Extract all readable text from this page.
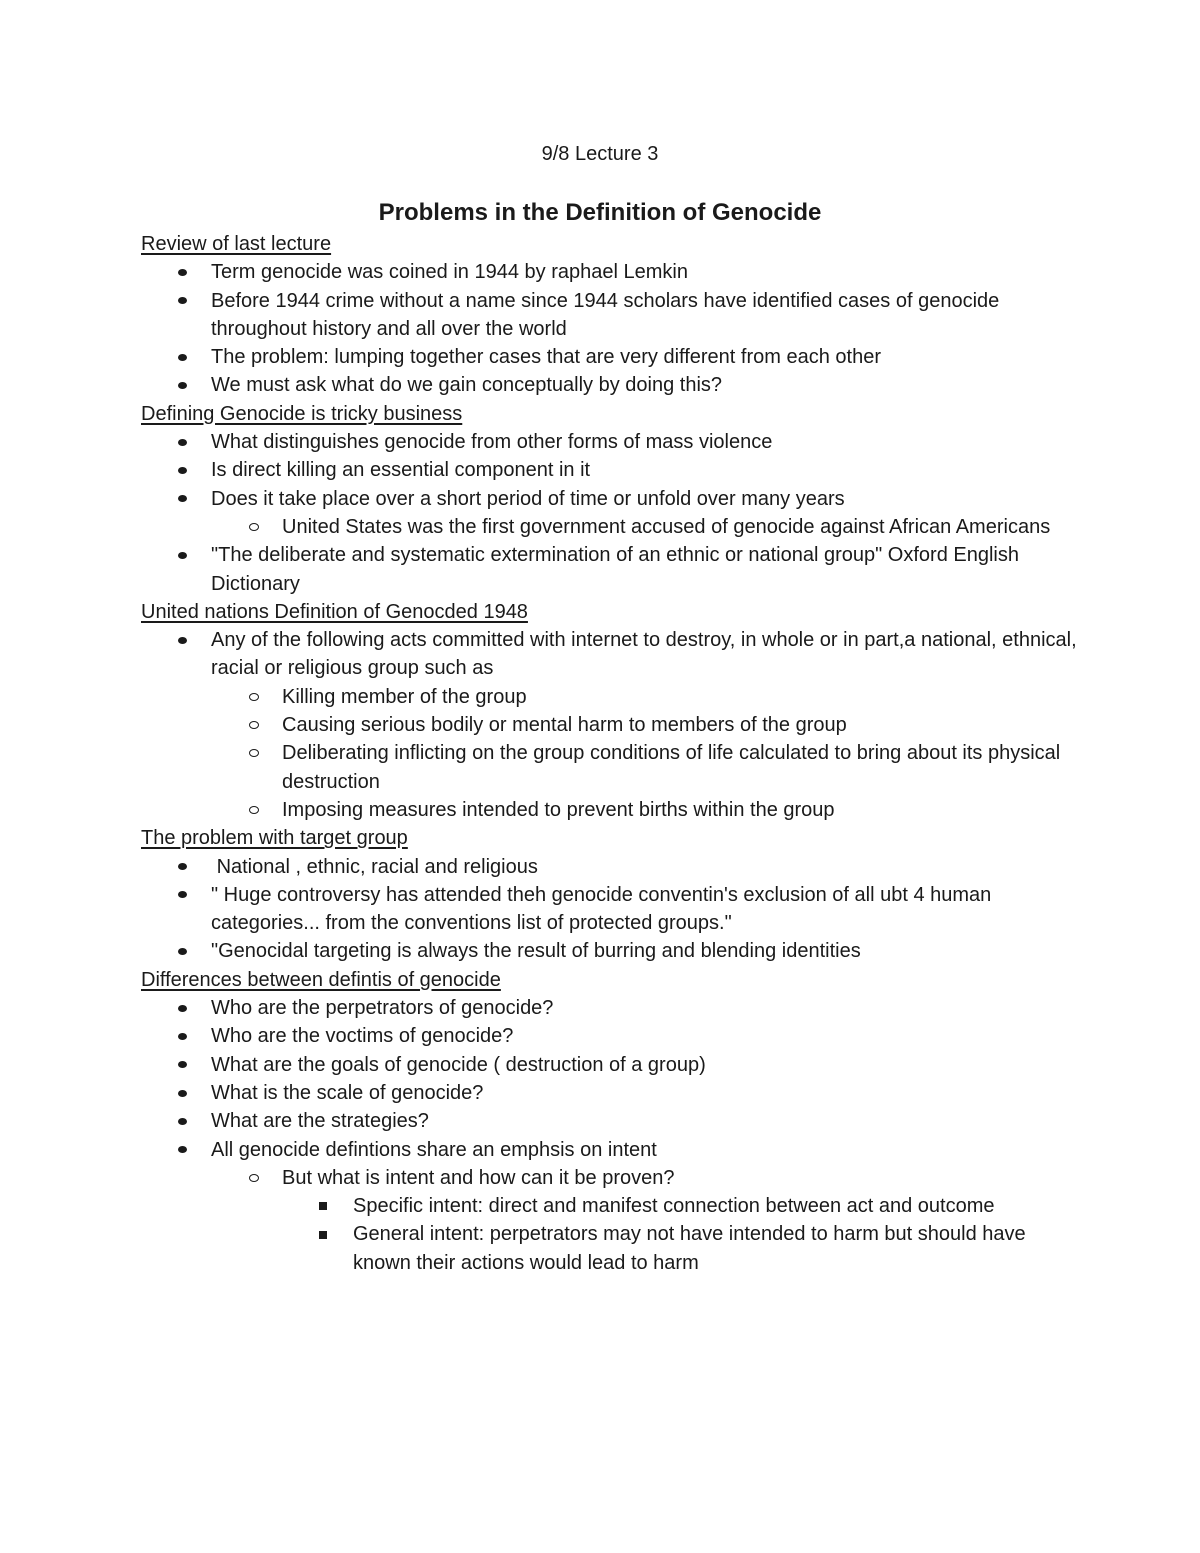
9/8 Lecture 3
Problems in the Definition of Genocide
Review of last lecture
Term genocide was coined in 1944 by raphael Lemkin
Before 1944 crime without a name since 1944 scholars have identified cases of genocide throughout history and all over the world
The problem: lumping together cases that are very different from each other
We must ask what do we gain conceptually by doing this?
Defining Genocide is tricky business
What distinguishes genocide from other forms of mass violence
Is direct killing an essential component in it
Does it take place over a short period of time or unfold over many years
United States was the first government accused of genocide against African Americans
"The deliberate and systematic extermination of an ethnic or national group" Oxford English Dictionary
United nations Definition of Genocded 1948
Any of the following acts committed with internet to destroy, in whole or in part,a national, ethnical, racial or religious group such as
Killing member of the group
Causing serious bodily or mental harm to members of the group
Deliberating inflicting on the group conditions of life calculated to bring about its physical destruction
Imposing measures intended to prevent births within the group
The problem with target group
National , ethnic, racial and religious
" Huge controversy has attended theh genocide conventin's exclusion of all ubt 4 human categories... from the conventions list of protected groups."
"Genocidal targeting is always the result of burring and blending identities
Differences between defintis of genocide
Who are the perpetrators of genocide?
Who are the voctims of genocide?
What are the goals of genocide ( destruction of a group)
What is the scale of genocide?
What are the strategies?
All genocide defintions share an emphsis on intent
But what is intent and how can it be proven?
Specific intent: direct and manifest connection between act and outcome
General intent: perpetrators may not have intended to harm but should have known their actions would lead to harm
